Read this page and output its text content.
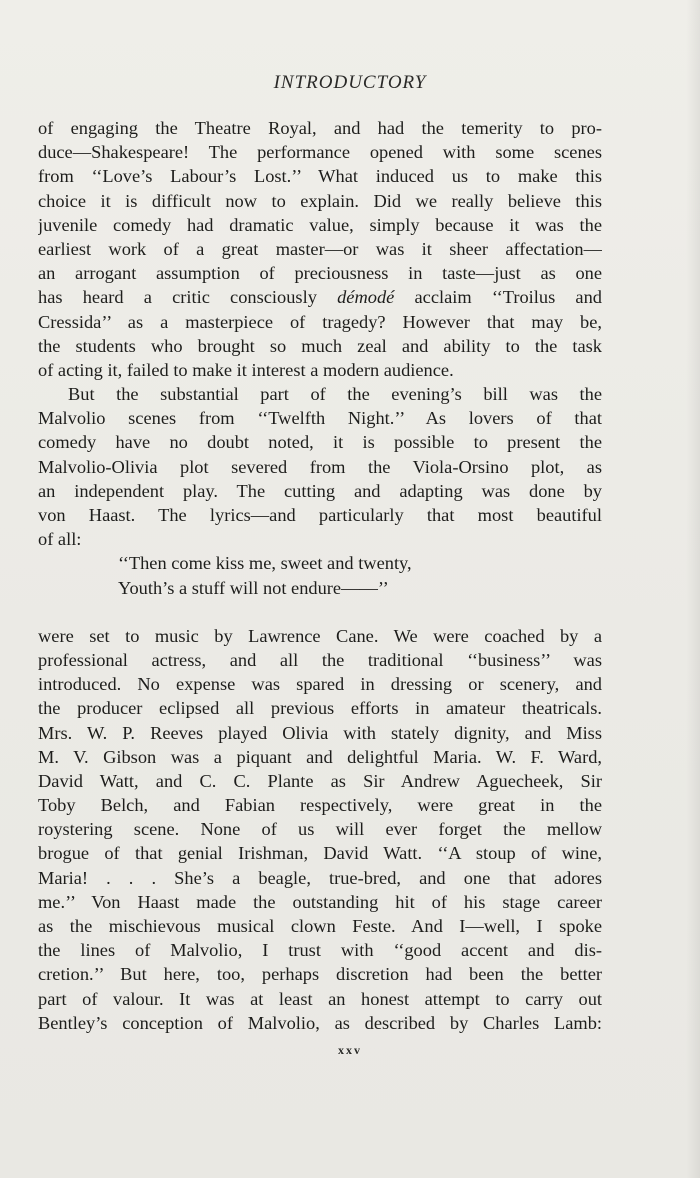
INTRODUCTORY
of engaging the Theatre Royal, and had the temerity to pro-
duce—Shakespeare! The performance opened with some scenes
from ‘‘Love’s Labour’s Lost.’’ What induced us to make this
choice it is difficult now to explain. Did we really believe this
juvenile comedy had dramatic value, simply because it was the
earliest work of a great master—or was it sheer affectation—
an arrogant assumption of preciousness in taste—just as one
has heard a critic consciously démodé acclaim ‘‘Troilus and
Cressida’’ as a masterpiece of tragedy? However that may be,
the students who brought so much zeal and ability to the task
of acting it, failed to make it interest a modern audience.
But the substantial part of the evening’s bill was the
Malvolio scenes from ‘‘Twelfth Night.’’ As lovers of that
comedy have no doubt noted, it is possible to present the
Malvolio-Olivia plot severed from the Viola-Orsino plot, as
an independent play. The cutting and adapting was done by
von Haast. The lyrics—and particularly that most beautiful
of all:
‘‘Then come kiss me, sweet and twenty,
Youth’s a stuff will not endure——’’
were set to music by Lawrence Cane. We were coached by a
professional actress, and all the traditional ‘‘business’’ was
introduced. No expense was spared in dressing or scenery, and
the producer eclipsed all previous efforts in amateur theatricals.
Mrs. W. P. Reeves played Olivia with stately dignity, and Miss
M. V. Gibson was a piquant and delightful Maria. W. F. Ward,
David Watt, and C. C. Plante as Sir Andrew Aguecheek, Sir
Toby Belch, and Fabian respectively, were great in the
roystering scene. None of us will ever forget the mellow
brogue of that genial Irishman, David Watt. ‘‘A stoup of wine,
Maria! . . . She’s a beagle, true-bred, and one that adores
me.’’ Von Haast made the outstanding hit of his stage career
as the mischievous musical clown Feste. And I—well, I spoke
the lines of Malvolio, I trust with ‘‘good accent and dis-
cretion.’’ But here, too, perhaps discretion had been the better
part of valour. It was at least an honest attempt to carry out
Bentley’s conception of Malvolio, as described by Charles Lamb:
xxv
